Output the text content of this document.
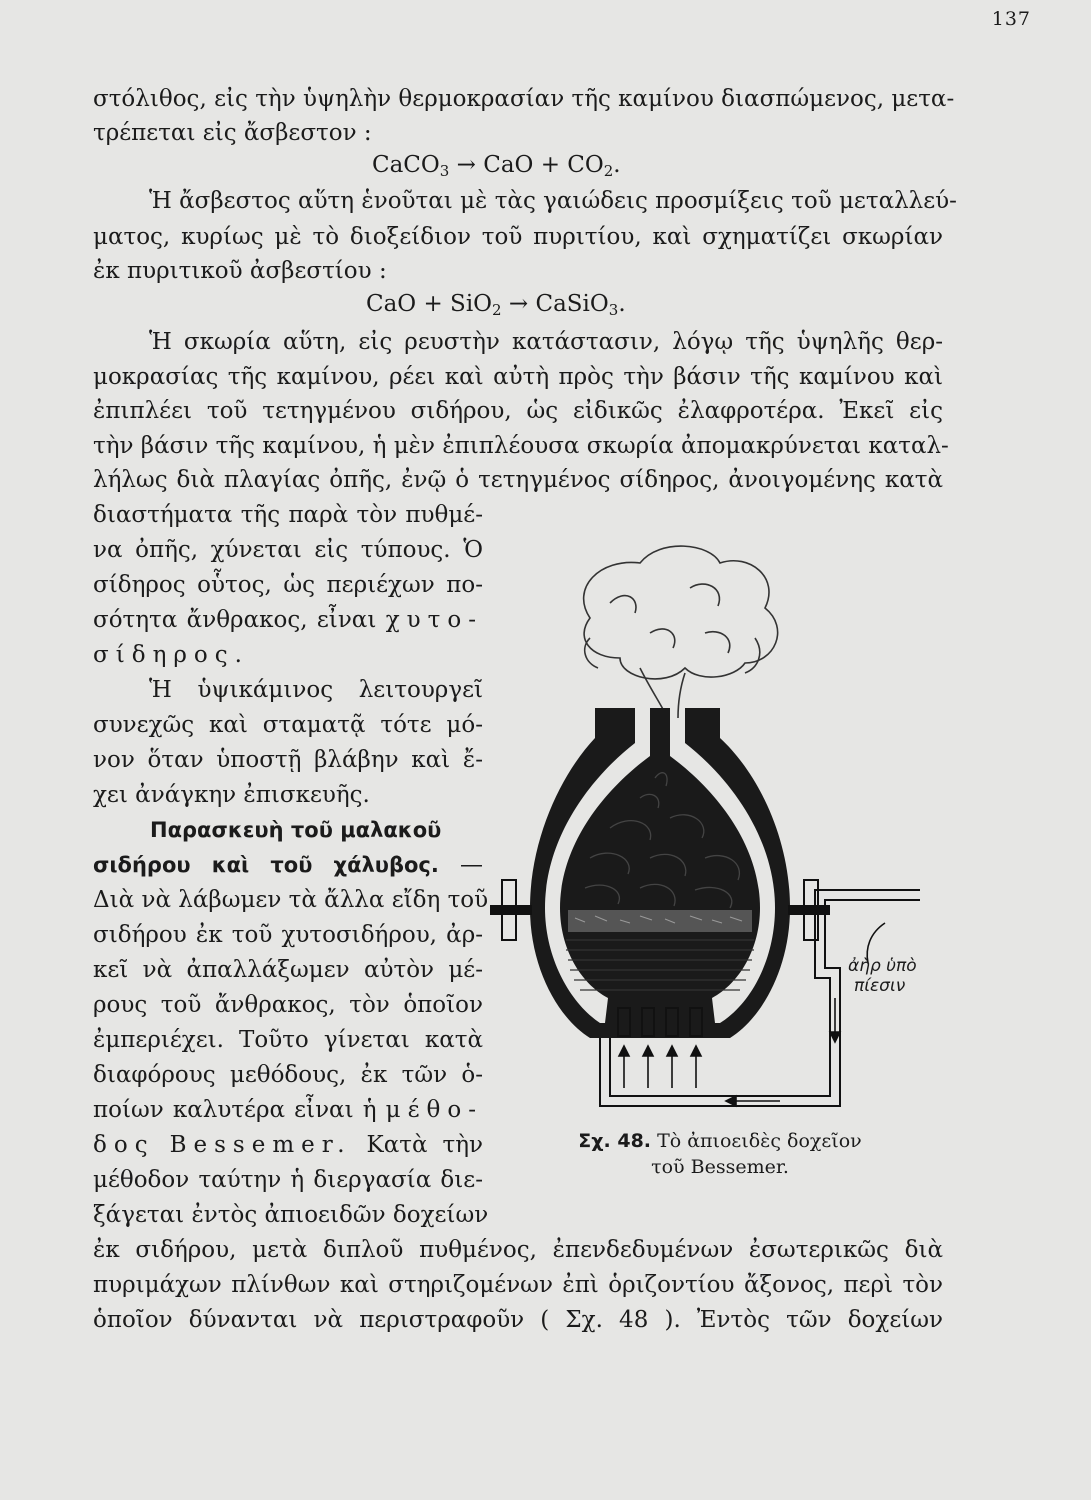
137
στόλιθος, εἰς τὴν ὑψηλὴν θερμοκρασίαν τῆς καμίνου διασπώμενος, μετα-
τρέπεται εἰς ἄσβεστον :
CaCO$_3$ → CaO + $CO_2$.
Ἡ ἄσβεστος αὕτη ἑνοῦται μὲ τὰς γαιώδεις προσμίξεις τοῦ μεταλλεύ-
ματος, κυρίως μὲ τὸ διοξείδιον τοῦ πυριτίου, καὶ σχηματίζει σκωρίαν
ἐκ πυριτικοῦ ἀσβεστίου :
CaO + SiO$_2$ → CaSiO$_3$.
Ἡ σκωρία αὕτη, εἰς ρευστὴν κατάστασιν, λόγῳ τῆς ὑψηλῆς θερ-
μοκρασίας τῆς καμίνου, ρέει καὶ αὐτὴ πρὸς τὴν βάσιν τῆς καμίνου καὶ
ἐπιπλέει τοῦ τετηγμένου σιδήρου, ὡς εἰδικῶς ἐλαφροτέρα. Ἐκεῖ εἰς
τὴν βάσιν τῆς καμίνου, ἡ μὲν ἐπιπλέουσα σκωρία ἀπομακρύνεται καταλ-
λήλως διὰ πλαγίας ὀπῆς, ἐνῷ ὁ τετηγμένος σίδηρος, ἀνοιγομένης κατὰ
διαστήματα τῆς παρὰ τὸν πυθμέ-
να ὀπῆς, χύνεται εἰς τύπους. Ὁ
σίδηρος οὗτος, ὡς περιέχων πο-
σότητα ἄνθρακος, εἶναι χυτο-
σίδηρος.
Ἡ ὑψικάμινος λειτουργεῖ
συνεχῶς καὶ σταματᾷ τότε μό-
νον ὅταν ὑποστῇ βλάβην καὶ ἔ-
χει ἀνάγκην ἐπισκευῆς.
Παρασκευὴ τοῦ μαλακοῦ
σιδήρου καὶ τοῦ χάλυβος. —
Διὰ νὰ λάβωμεν τὰ ἄλλα εἴδη τοῦ
σιδήρου ἐκ τοῦ χυτοσιδήρου, ἀρ-
κεῖ νὰ ἀπαλλάξωμεν αὐτὸν μέ-
ρους τοῦ ἄνθρακος, τὸν ὁποῖον
ἐμπεριέχει. Τοῦτο γίνεται κατὰ
διαφόρους μεθόδους, ἐκ τῶν ὁ-
ποίων καλυτέρα εἶναι ἡ μέθο-
δος Bessemer. Κατὰ τὴν
μέθοδον ταύτην ἡ διεργασία διε-
ξάγεται ἐντὸς ἀπιοειδῶν δοχείων
ἐκ σιδήρου, μετὰ διπλοῦ πυθμένος, ἐπενδεδυμένων ἐσωτερικῶς διὰ
πυριμάχων πλίνθων καὶ στηριζομένων ἐπὶ ὁριζοντίου ἄξονος, περὶ τὸν
ὁποῖον δύνανται νὰ περιστραφοῦν ( Σχ. 48 ). Ἐντὸς τῶν δοχείων
ἀὴρ ὑπὸ
πίεσιν
Σχ. 48. Τὸ ἀπιοειδὲς δοχεῖον
τοῦ Bessemer.
